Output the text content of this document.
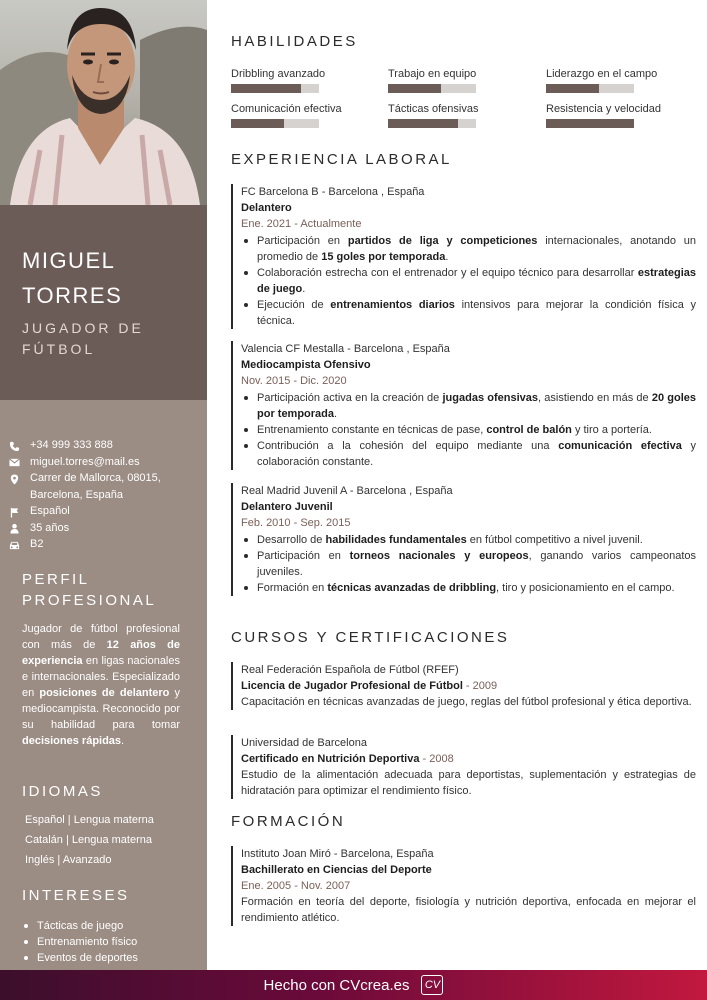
MIGUEL
TORRES
JUGADOR DE FÚTBOL
+34 999 333 888
miguel.torres@mail.es
Carrer de Mallorca, 08015, Barcelona, España
Español
35 años
B2
PERFIL PROFESIONAL
Jugador de fútbol profesional con más de 12 años de experiencia en ligas nacionales e internacionales. Especializado en posiciones de delantero y mediocampista. Reconocido por su habilidad para tomar decisiones rápidas.
IDIOMAS
Español | Lengua materna
Catalán | Lengua materna
Inglés | Avanzado
INTERESES
Tácticas de juego
Entrenamiento físico
Eventos de deportes
HABILIDADES
Dribbling avanzado	Trabajo en equipo	Liderazgo en el campo
Comunicación efectiva	Tácticas ofensivas	Resistencia y velocidad
EXPERIENCIA LABORAL
FC Barcelona B - Barcelona , España
Delantero
Ene. 2021 - Actualmente
Participación en partidos de liga y competiciones internacionales, anotando un promedio de 15 goles por temporada.
Colaboración estrecha con el entrenador y el equipo técnico para desarrollar estrategias de juego.
Ejecución de entrenamientos diarios intensivos para mejorar la condición física y técnica.
Valencia CF Mestalla - Barcelona , España
Mediocampista Ofensivo
Nov. 2015 - Dic. 2020
Participación activa en la creación de jugadas ofensivas, asistiendo en más de 20 goles por temporada.
Entrenamiento constante en técnicas de pase, control de balón y tiro a portería.
Contribución a la cohesión del equipo mediante una comunicación efectiva y colaboración constante.
Real Madrid Juvenil A - Barcelona , España
Delantero Juvenil
Feb. 2010 - Sep. 2015
Desarrollo de habilidades fundamentales en fútbol competitivo a nivel juvenil.
Participación en torneos nacionales y europeos, ganando varios campeonatos juveniles.
Formación en técnicas avanzadas de dribbling, tiro y posicionamiento en el campo.
CURSOS Y CERTIFICACIONES
Real Federación Española de Fútbol (RFEF)
Licencia de Jugador Profesional de Fútbol - 2009
Capacitación en técnicas avanzadas de juego, reglas del fútbol profesional y ética deportiva.
Universidad de Barcelona
Certificado en Nutrición Deportiva - 2008
Estudio de la alimentación adecuada para deportistas, suplementación y estrategias de hidratación para optimizar el rendimiento físico.
FORMACIÓN
Instituto Joan Miró - Barcelona, España
Bachillerato en Ciencias del Deporte
Ene. 2005 - Nov. 2007
Formación en teoría del deporte, fisiología y nutrición deportiva, enfocada en mejorar el rendimiento atlético.
Hecho con CVcrea.es	CV
